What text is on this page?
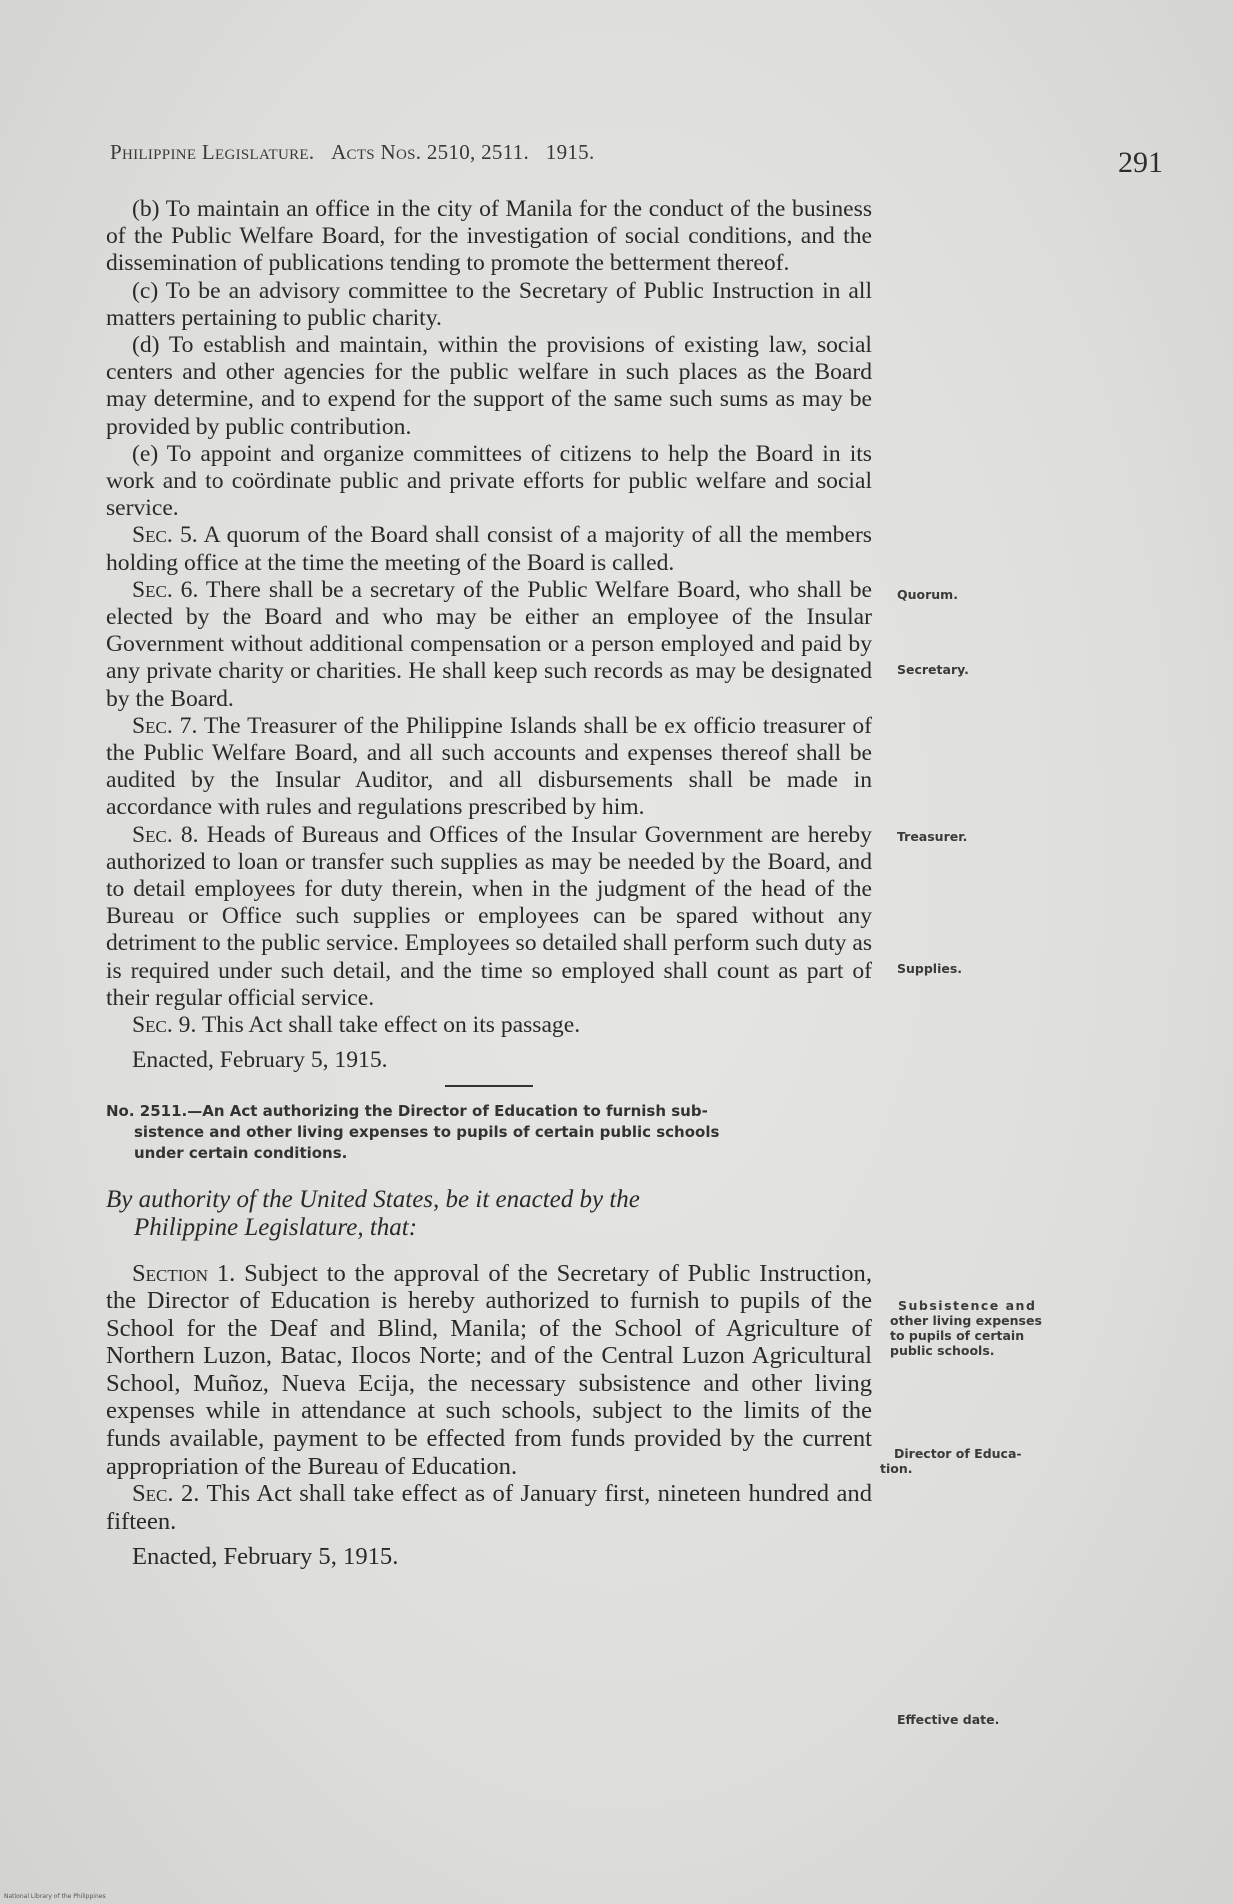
Philippine Legislature. Acts Nos. 2510, 2511. 1915.	291

(b) To maintain an office in the city of Manila for the conduct of the business of the Public Welfare Board, for the investigation of social conditions, and the dissemination of publications tending to promote the betterment thereof.

(c) To be an advisory committee to the Secretary of Public Instruction in all matters pertaining to public charity.

(d) To establish and maintain, within the provisions of existing law, social centers and other agencies for the public welfare in such places as the Board may determine, and to expend for the support of the same such sums as may be provided by public contribution.

(e) To appoint and organize committees of citizens to help the Board in its work and to coördinate public and private efforts for public welfare and social service.

Sec. 5. A quorum of the Board shall consist of a majority of all the members holding office at the time the meeting of the Board is called.

Sec. 6. There shall be a secretary of the Public Welfare Board, who shall be elected by the Board and who may be either an employee of the Insular Government without additional compensation or a person employed and paid by any private charity or charities. He shall keep such records as may be designated by the Board.

Sec. 7. The Treasurer of the Philippine Islands shall be ex officio treasurer of the Public Welfare Board, and all such accounts and expenses thereof shall be audited by the Insular Auditor, and all disbursements shall be made in accordance with rules and regulations prescribed by him.

Sec. 8. Heads of Bureaus and Offices of the Insular Government are hereby authorized to loan or transfer such supplies as may be needed by the Board, and to detail employees for duty therein, when in the judgment of the head of the Bureau or Office such supplies or employees can be spared without any detriment to the public service. Employees so detailed shall perform such duty as is required under such detail, and the time so employed shall count as part of their regular official service.

Sec. 9. This Act shall take effect on its passage.

Enacted, February 5, 1915.

No. 2511.—An Act authorizing the Director of Education to furnish sub-
sistence and other living expenses to pupils of certain public schools
under certain conditions.

By authority of the United States, be it enacted by the
Philippine Legislature, that:

Section 1. Subject to the approval of the Secretary of Public Instruction, the Director of Education is hereby authorized to furnish to pupils of the School for the Deaf and Blind, Manila; of the School of Agriculture of Northern Luzon, Batac, Ilocos Norte; and of the Central Luzon Agricultural School, Muñoz, Nueva Ecija, the necessary subsistence and other living expenses while in attendance at such schools, subject to the limits of the funds available, payment to be effected from funds provided by the current appropriation of the Bureau of Education.

Sec. 2. This Act shall take effect as of January first, nineteen hundred and fifteen.

Enacted, February 5, 1915.

Quorum.
Secretary.
Treasurer.
Supplies.
Subsistence and
other living expenses
to pupils of certain
public schools.
Director of Educa-
tion.
Effective date.
National Library of the Philippines
